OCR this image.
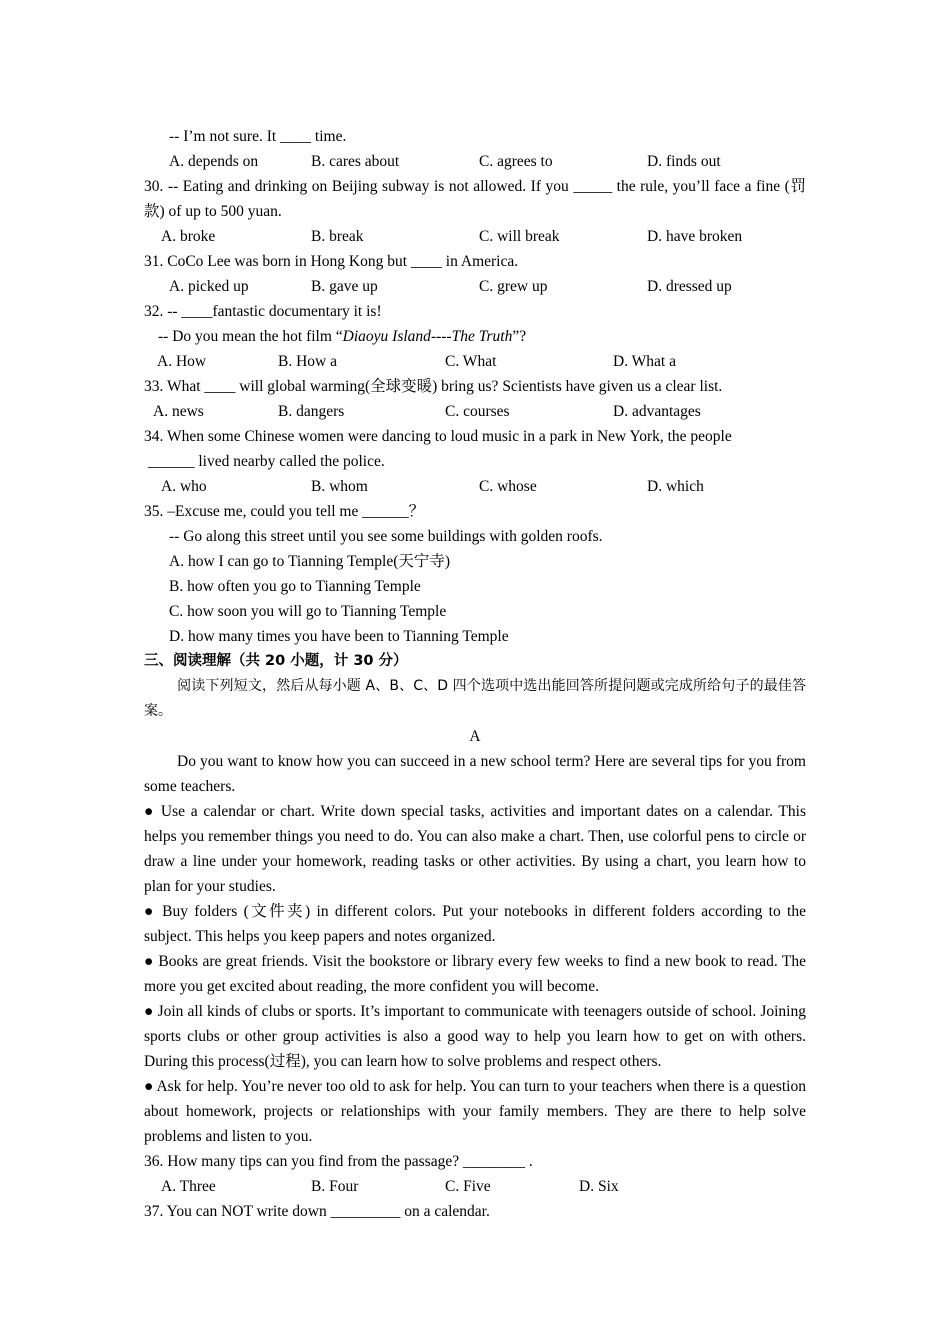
-- I’m not sure. It ____ time.
A. depends on	B. cares about	C. agrees to	D. finds out
30. -- Eating and drinking on Beijing subway is not allowed. If you _____ the rule, you’ll face a fine (罚款) of up to 500 yuan.
A. broke	B. break	C. will break	D. have broken
31. CoCo Lee was born in Hong Kong but ____ in America.
A. picked up	B. gave up	C. grew up	D. dressed up
32. -- ____fantastic documentary it is!
-- Do you mean the hot film “Diaoyu Island----The Truth”?
A. How	B. How a	C. What	D. What a
33. What ____ will global warming(全球变暖) bring us? Scientists have given us a clear list.
A. news	B. dangers	C. courses	D. advantages
34. When some Chinese women were dancing to loud music in a park in New York, the people
______ lived nearby called the police.
A. who	B. whom	C. whose	D. which
35. –Excuse me, could you tell me ______？
-- Go along this street until you see some buildings with golden roofs.
A. how I can go to Tianning Temple(天宁寺)
B. how often you go to Tianning Temple
C. how soon you will go to Tianning Temple
D. how many times you have been to Tianning Temple
三、阅读理解（共 20 小题，计 30 分）
阅读下列短文，然后从每小题 A、B、C、D 四个选项中选出能回答所提问题或完成所给句子的最佳答案。
A
Do you want to know how you can succeed in a new school term? Here are several tips for you from some teachers.
● Use a calendar or chart. Write down special tasks, activities and important dates on a calendar. This helps you remember things you need to do. You can also make a chart. Then, use colorful pens to circle or draw a line under your homework, reading tasks or other activities. By using a chart, you learn how to plan for your studies.
● Buy folders (文件夹) in different colors. Put your notebooks in different folders according to the subject. This helps you keep papers and notes organized.
● Books are great friends. Visit the bookstore or library every few weeks to find a new book to read. The more you get excited about reading, the more confident you will become.
● Join all kinds of clubs or sports. It’s important to communicate with teenagers outside of school. Joining sports clubs or other group activities is also a good way to help you learn how to get on with others. During this process(过程), you can learn how to solve problems and respect others.
● Ask for help. You’re never too old to ask for help. You can turn to your teachers when there is a question about homework, projects or relationships with your family members. They are there to help solve problems and listen to you.
36. How many tips can you find from the passage? ________ .
A. Three	B. Four	C. Five	D. Six
37. You can NOT write down _________ on a calendar.
